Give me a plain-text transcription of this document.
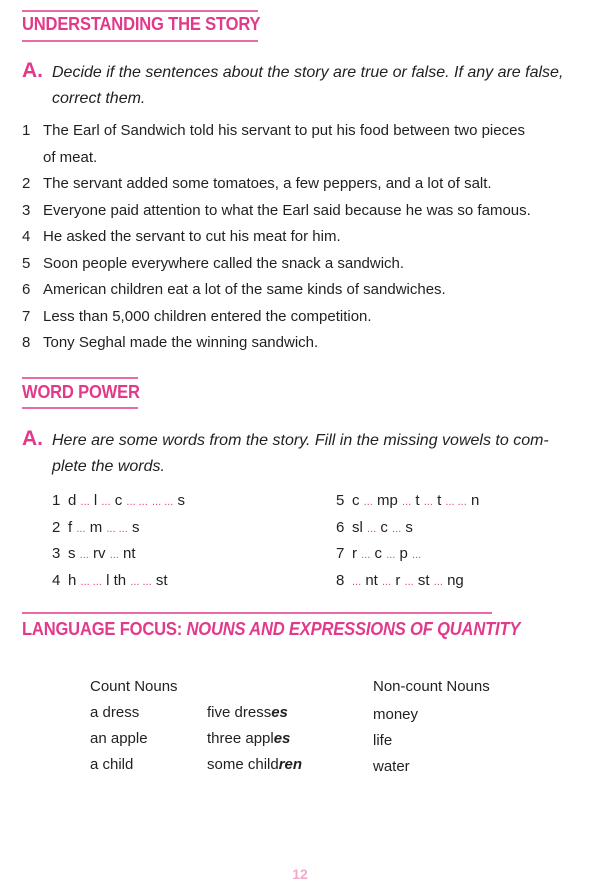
UNDERSTANDING THE STORY
A. Decide if the sentences about the story are true or false. If any are false,
correct them.
1 The Earl of Sandwich told his servant to put his food between two pieces
of meat.
2 The servant added some tomatoes, a few peppers, and a lot of salt.
3 Everyone paid attention to what the Earl said because he was so famous.
4 He asked the servant to cut his meat for him.
5 Soon people everywhere called the snack a sandwich.
6 American children eat a lot of the same kinds of sandwiches.
7 Less than 5,000 children entered the competition.
8 Tony Seghal made the winning sandwich.
WORD POWER
A. Here are some words from the story. Fill in the missing vowels to com-
plete the words.
1 d ... l ... c ... ... ... ... s
2 f ... m ... ... s
3 s ... rv ... nt
4 h ... ... l th ... ... st
5 c ... mp ... t ... t ... ... n
6 sl ... c ... s
7 r ... c ... p ...
8 ... nt ... r ... st ... ng
LANGUAGE FOCUS: NOUNS AND EXPRESSIONS OF QUANTITY
Count Nouns	Non-count Nouns
a dress	five dresses	money
an apple	three apples	life
a child	some children	water
12
